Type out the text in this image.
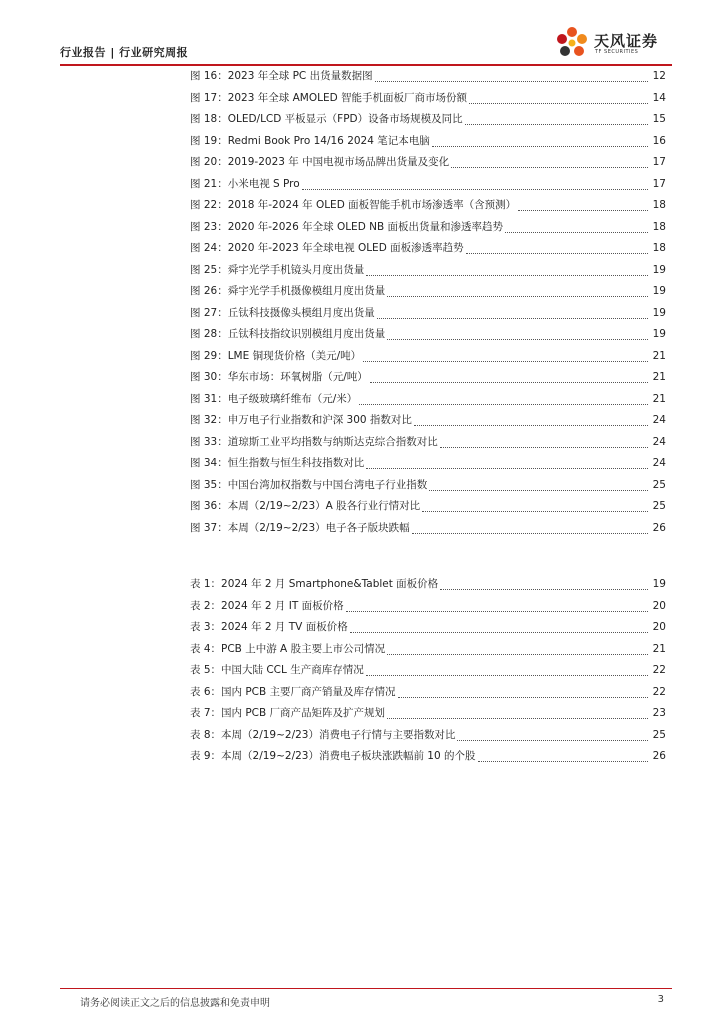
行业报告 | 行业研究周报
天风证券
TF SECURITIES
图 16：2023 年全球 PC 出货量数据图	12
图 17：2023 年全球 AMOLED 智能手机面板厂商市场份额	14
图 18：OLED/LCD 平板显示（FPD）设备市场规模及同比	15
图 19：Redmi Book Pro 14/16 2024 笔记本电脑	16
图 20：2019-2023 年 中国电视市场品牌出货量及变化	17
图 21：小米电视 S Pro	17
图 22：2018 年-2024 年 OLED 面板智能手机市场渗透率（含预测）	18
图 23：2020 年-2026 年全球 OLED NB 面板出货量和渗透率趋势	18
图 24：2020 年-2023 年全球电视 OLED 面板渗透率趋势	18
图 25：舜宇光学手机镜头月度出货量	19
图 26：舜宇光学手机摄像模组月度出货量	19
图 27：丘钛科技摄像头模组月度出货量	19
图 28：丘钛科技指纹识别模组月度出货量	19
图 29：LME 铜现货价格（美元/吨）	21
图 30：华东市场：环氧树脂（元/吨）	21
图 31：电子级玻璃纤维布（元/米）	21
图 32：申万电子行业指数和沪深 300 指数对比	24
图 33：道琼斯工业平均指数与纳斯达克综合指数对比	24
图 34：恒生指数与恒生科技指数对比	24
图 35：中国台湾加权指数与中国台湾电子行业指数	25
图 36：本周（2/19~2/23）A 股各行业行情对比	25
图 37：本周（2/19~2/23）电子各子版块跌幅	26
表 1：2024 年 2 月 Smartphone&Tablet 面板价格	19
表 2：2024 年 2 月 IT 面板价格	20
表 3：2024 年 2 月 TV 面板价格	20
表 4：PCB 上中游 A 股主要上市公司情况	21
表 5：中国大陆 CCL 生产商库存情况	22
表 6：国内 PCB 主要厂商产销量及库存情况	22
表 7：国内 PCB 厂商产品矩阵及扩产规划	23
表 8：本周（2/19~2/23）消费电子行情与主要指数对比	25
表 9：本周（2/19~2/23）消费电子板块涨跌幅前 10 的个股	26
请务必阅读正文之后的信息披露和免责申明	3
